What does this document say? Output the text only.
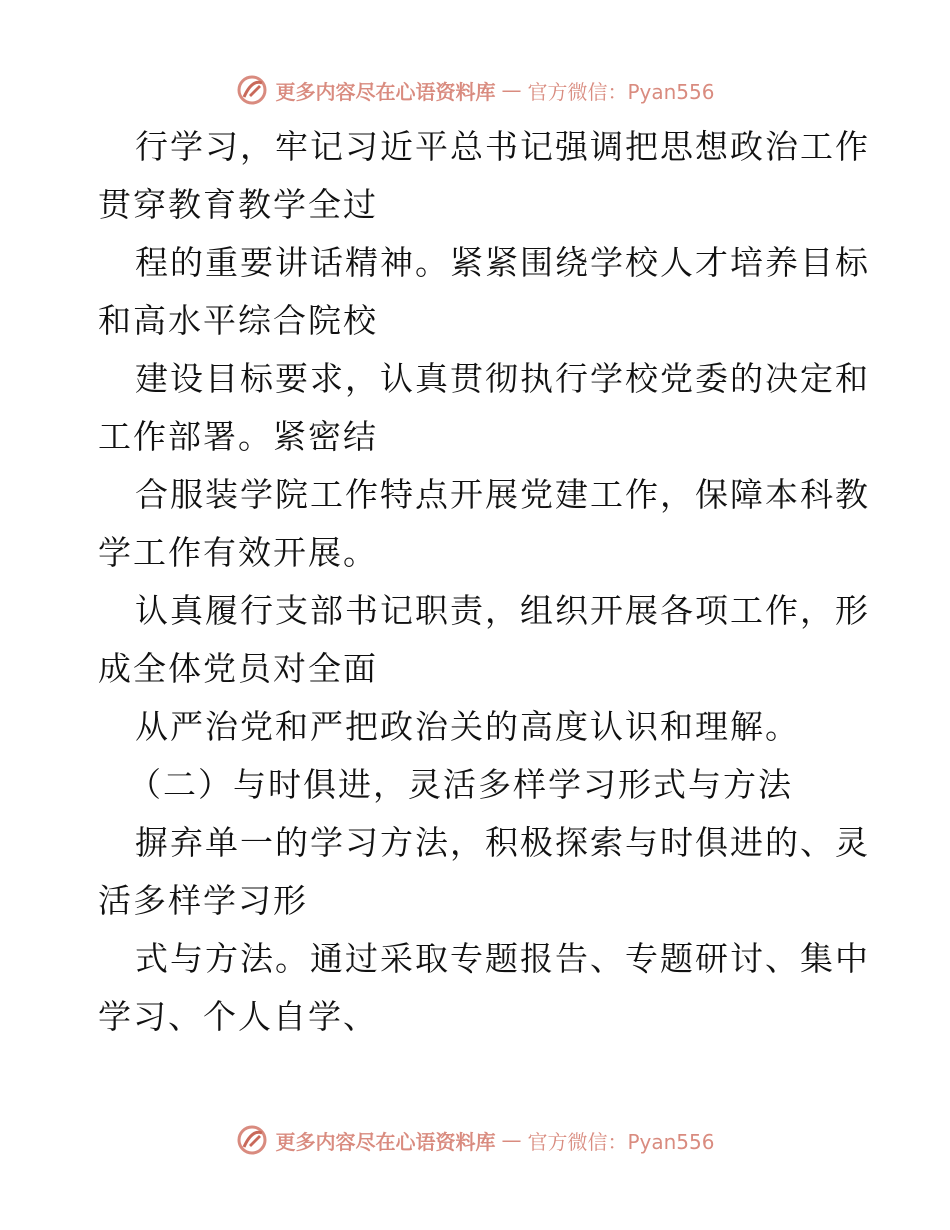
更多内容尽在心语资料库 — 官方微信：Pyan556
行学习，牢记习近平总书记强调把思想政治工作
贯穿教育教学全过
程的重要讲话精神。紧紧围绕学校人才培养目标
和高水平综合院校
建设目标要求，认真贯彻执行学校党委的决定和
工作部署。紧密结
合服装学院工作特点开展党建工作，保障本科教
学工作有效开展。
认真履行支部书记职责，组织开展各项工作，形
成全体党员对全面
从严治党和严把政治关的高度认识和理解。
（二）与时俱进，灵活多样学习形式与方法
摒弃单一的学习方法，积极探索与时俱进的、灵
活多样学习形
式与方法。通过采取专题报告、专题研讨、集中
学习、个人自学、
更多内容尽在心语资料库 — 官方微信：Pyan556
